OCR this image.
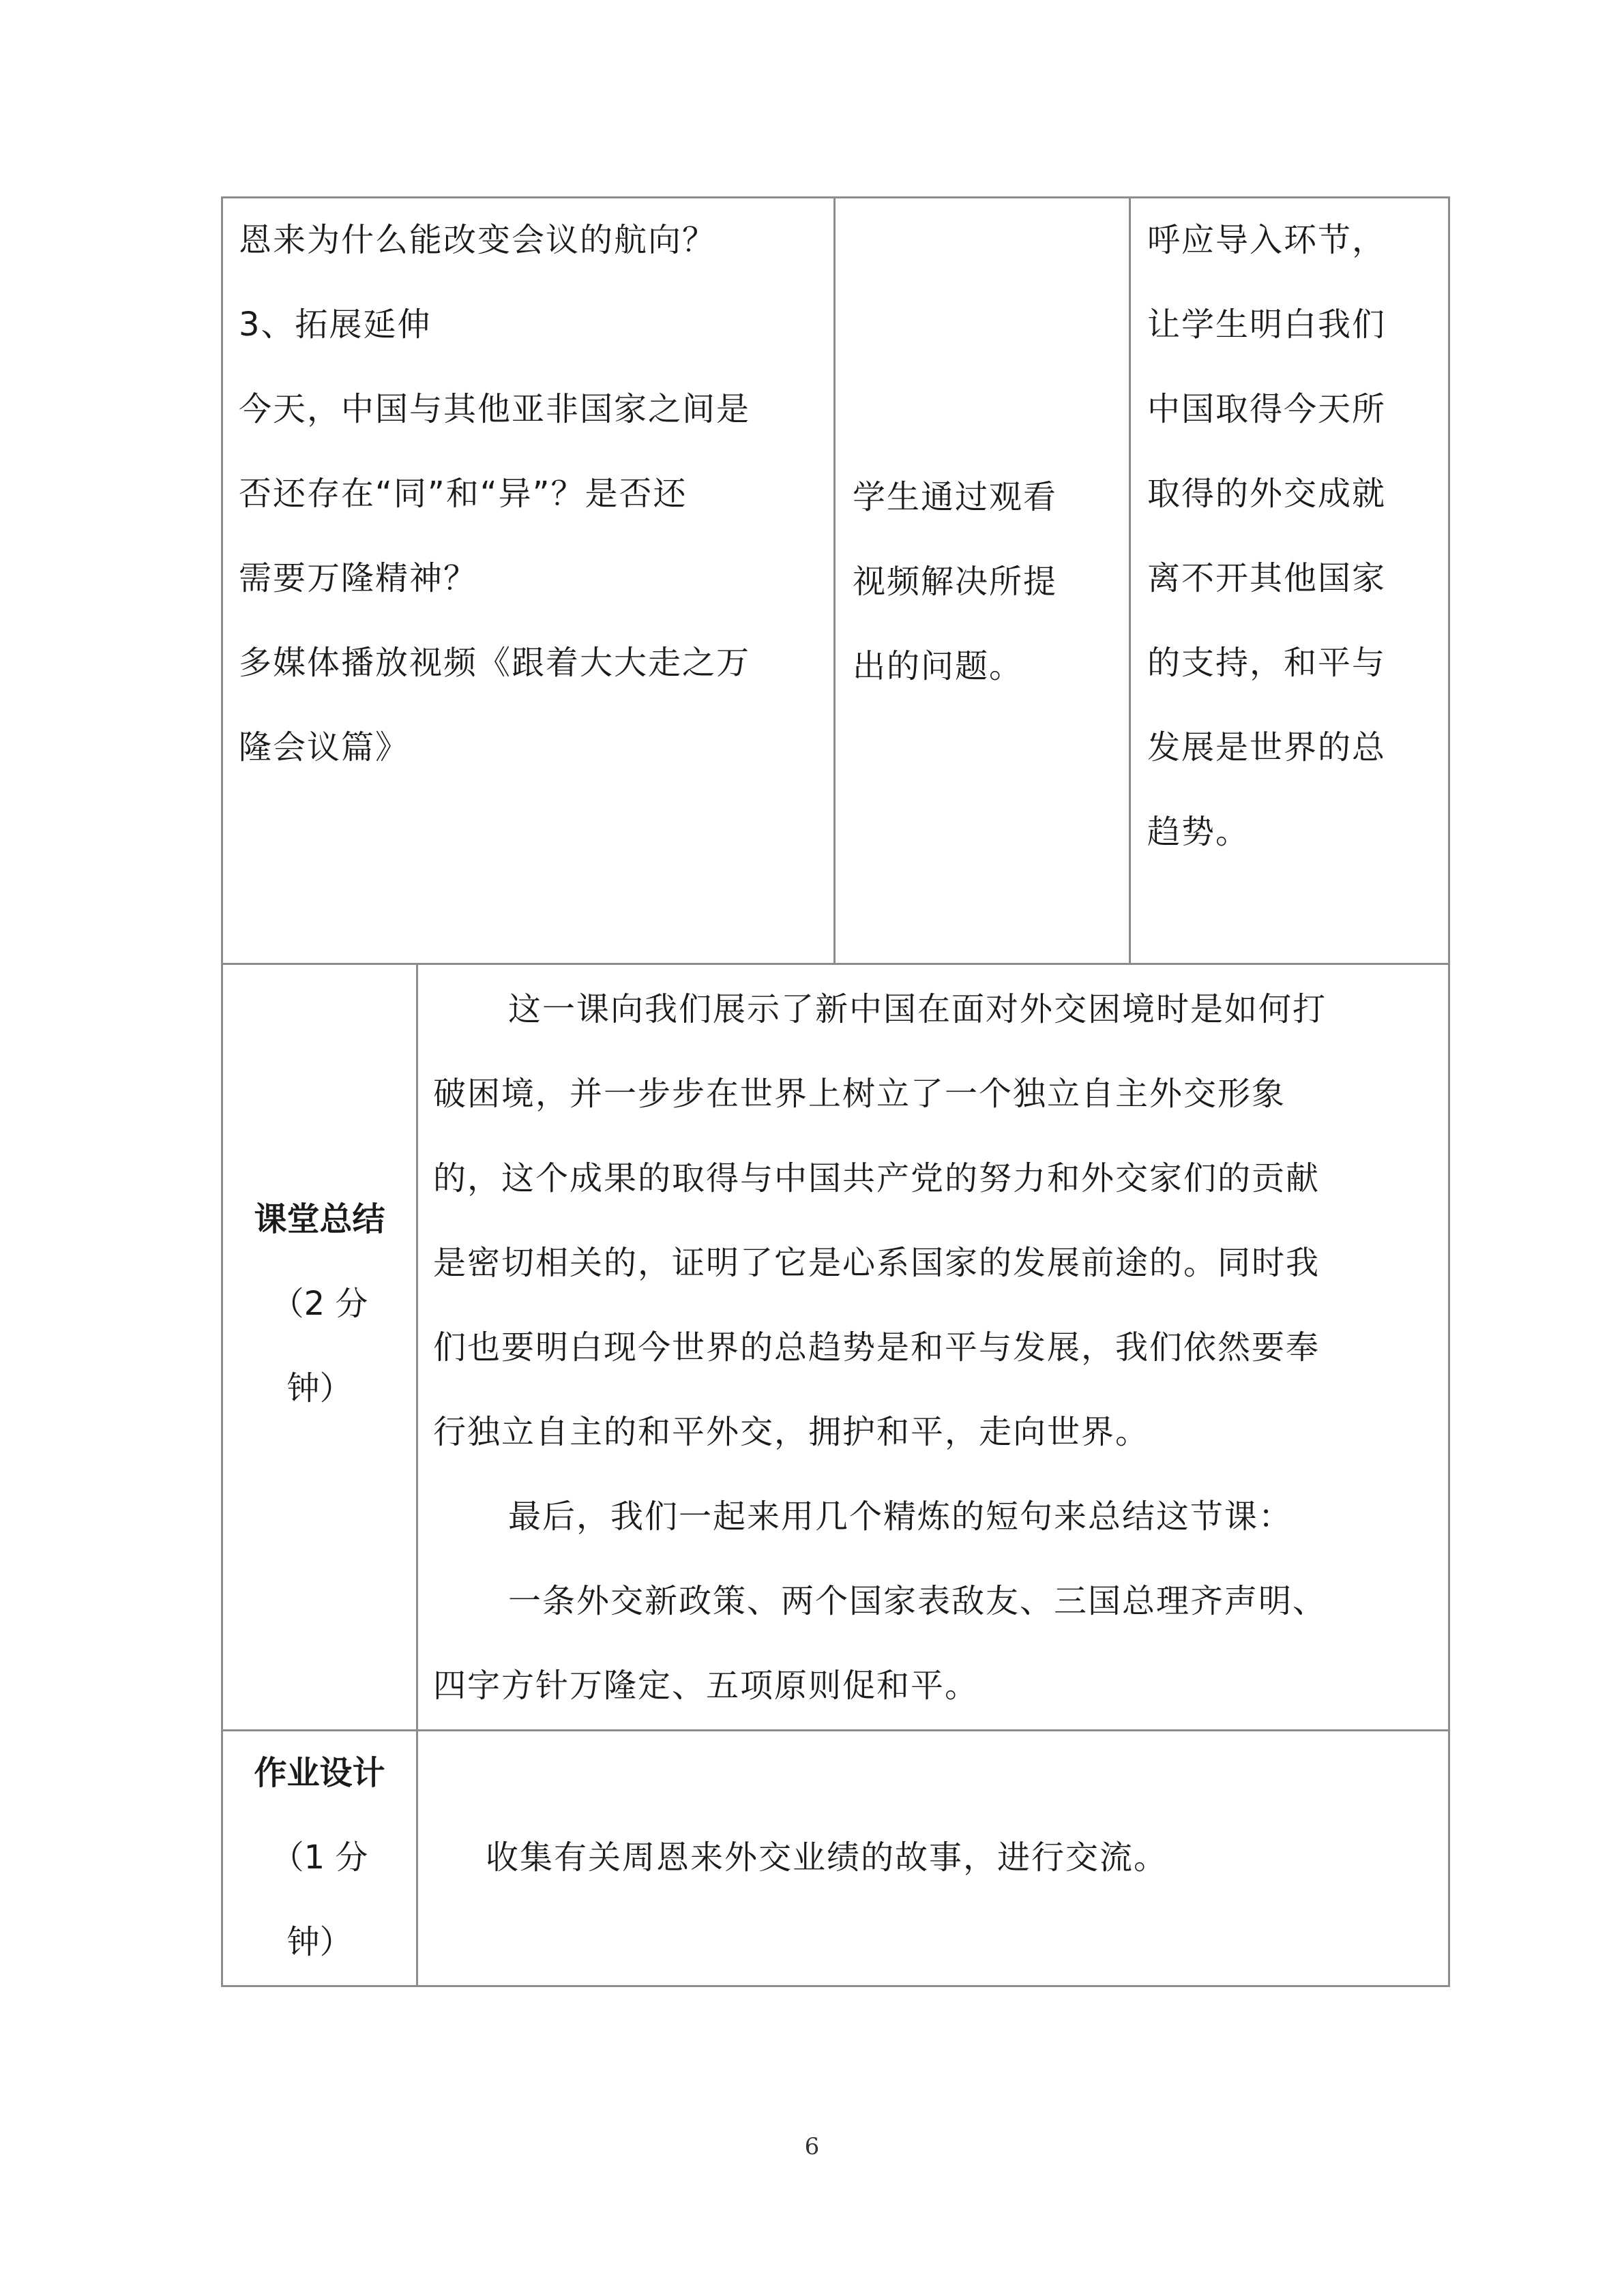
恩来为什么能改变会议的航向？
3、拓展延伸
今天，中国与其他亚非国家之间是
否还存在“同”和“异”？是否还
需要万隆精神？
多媒体播放视频《跟着大大走之万
隆会议篇》
学生通过观看
视频解决所提
出的问题。
呼应导入环节，
让学生明白我们
中国取得今天所
取得的外交成就
离不开其他国家
的支持，和平与
发展是世界的总
趋势。
课堂总结
（2 分
钟）

这一课向我们展示了新中国在面对外交困境时是如何打

破困境，并一步步在世界上树立了一个独立自主外交形象

的，这个成果的取得与中国共产党的努力和外交家们的贡献

是密切相关的，证明了它是心系国家的发展前途的。同时我

们也要明白现今世界的总趋势是和平与发展，我们依然要奉

行独立自主的和平外交，拥护和平，走向世界。

最后，我们一起来用几个精炼的短句来总结这节课：

一条外交新政策、两个国家表敌友、三国总理齐声明、

四字方针万隆定、五项原则促和平。

作业设计
（1 分
钟）
收集有关周恩来外交业绩的故事，进行交流。
6
